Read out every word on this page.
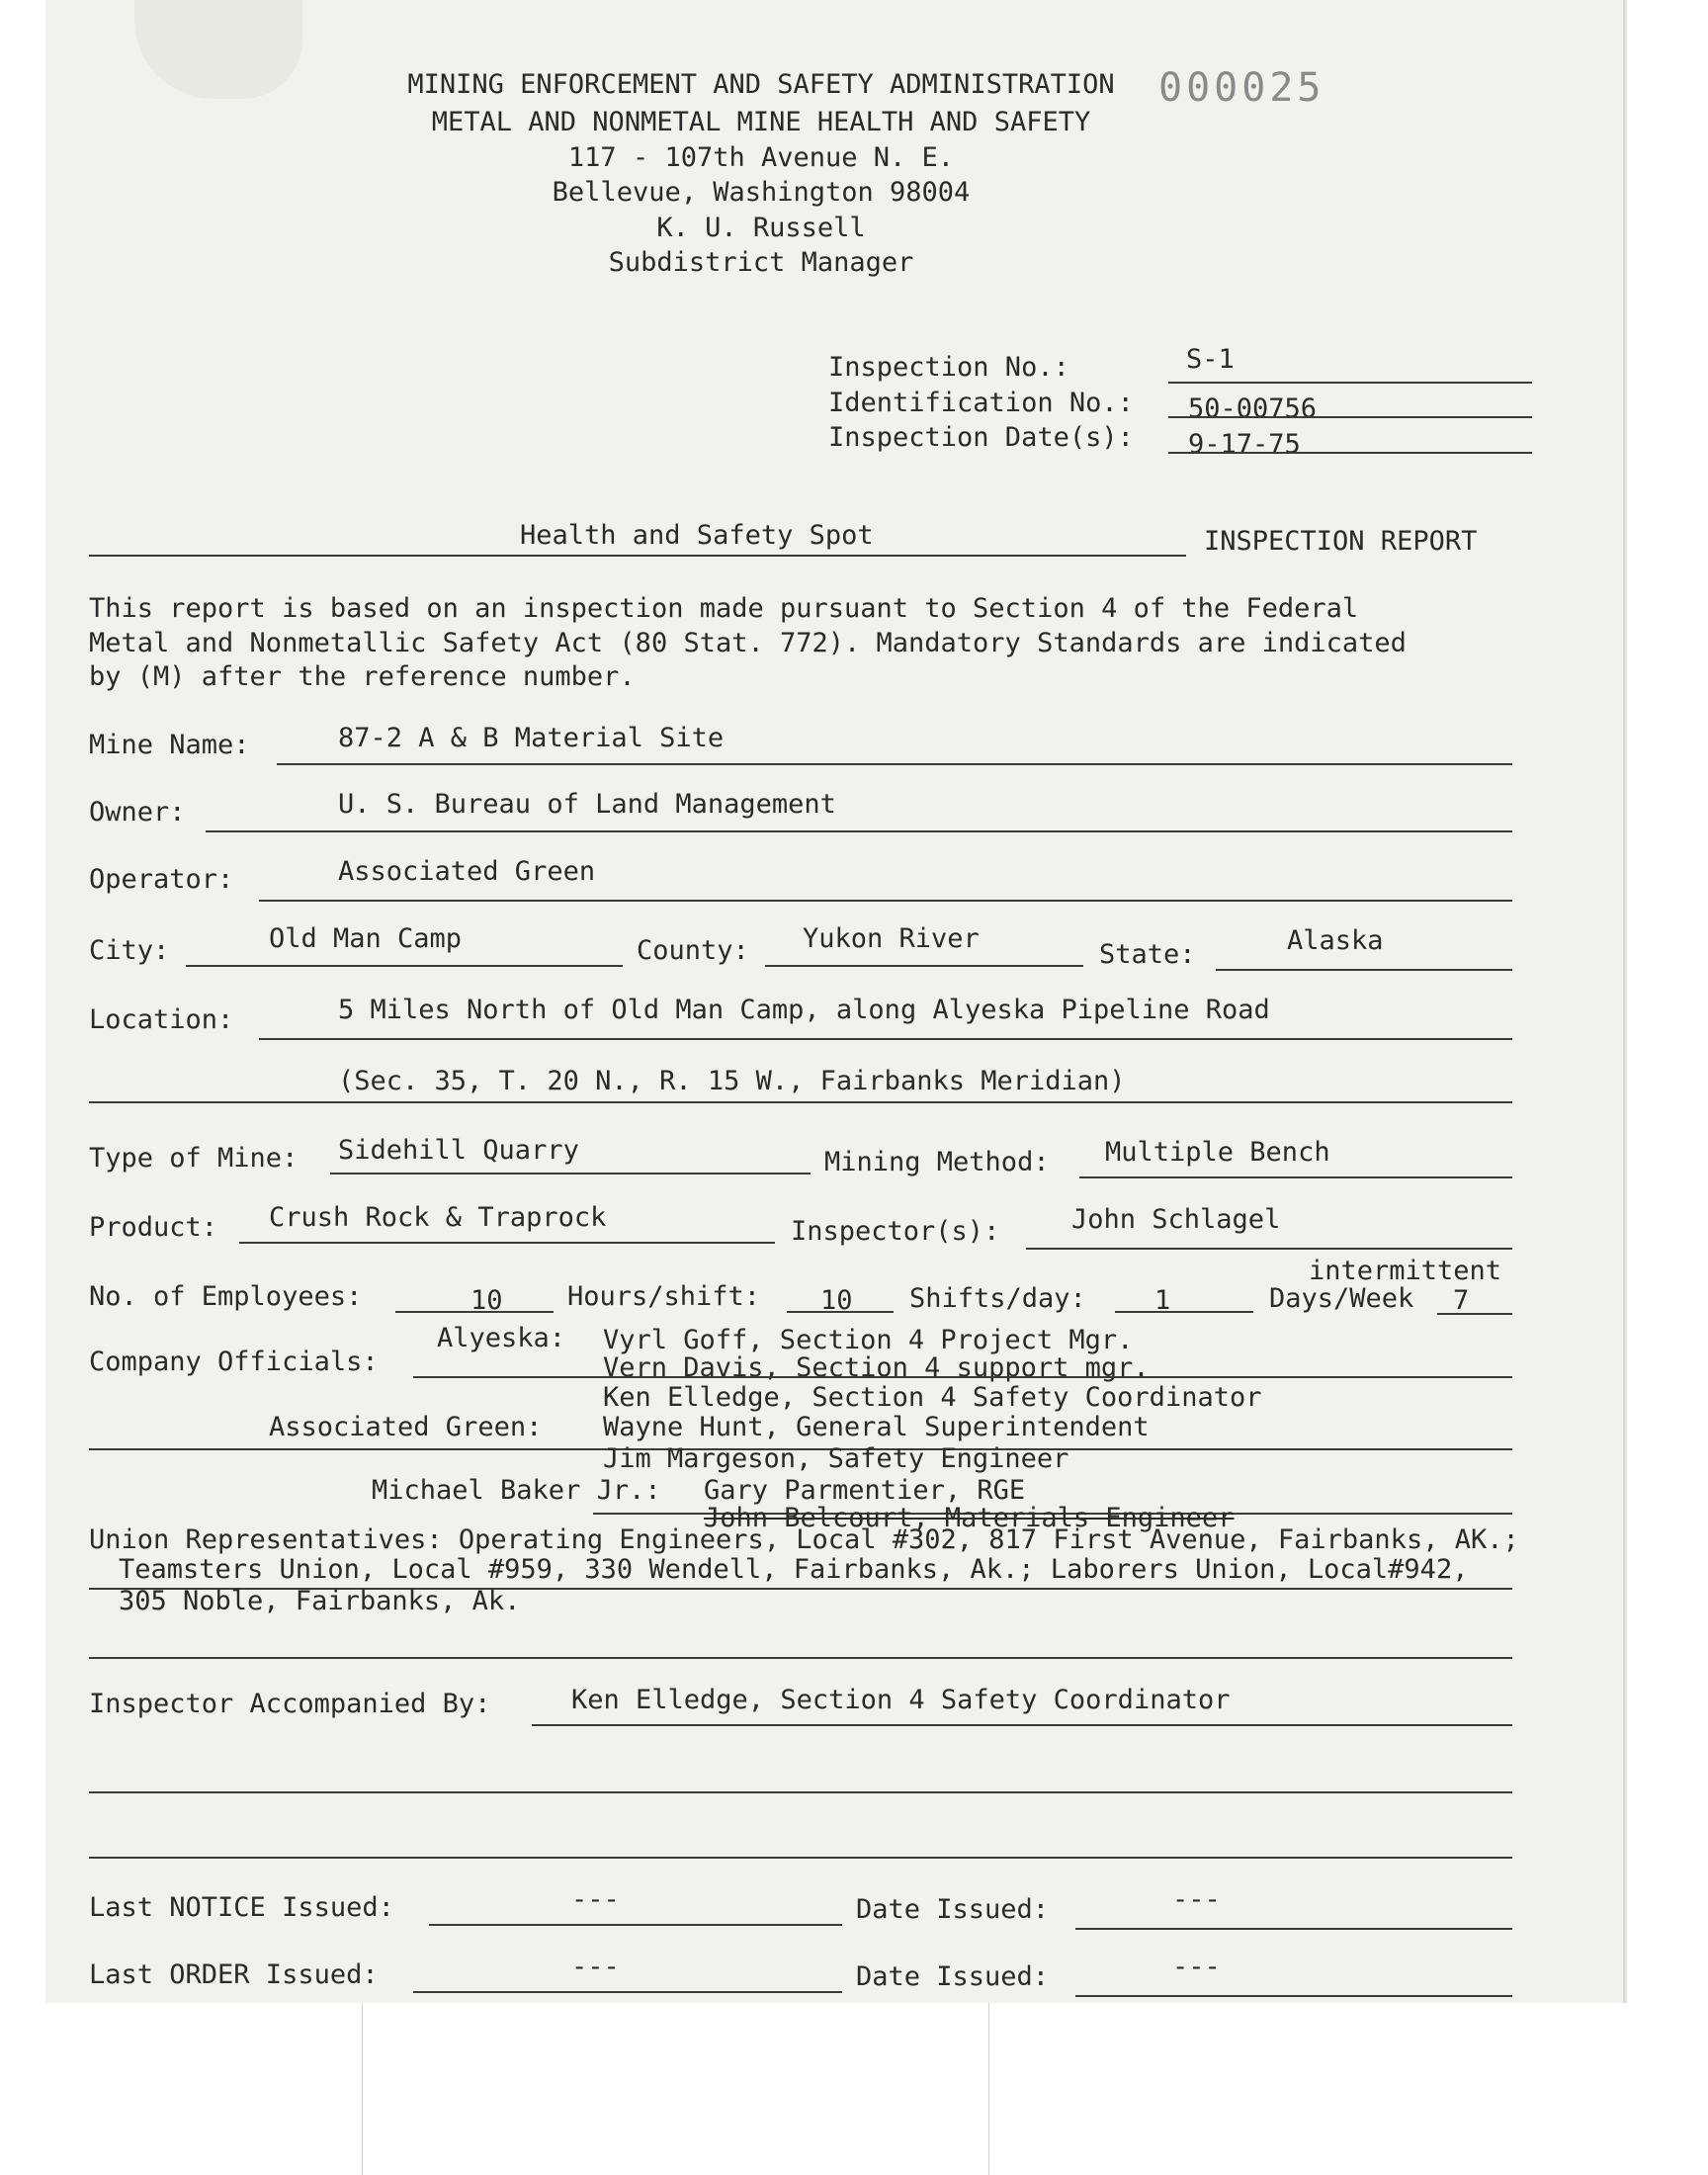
MINING ENFORCEMENT AND SAFETY ADMINISTRATION	000025
METAL AND NONMETAL MINE HEALTH AND SAFETY
117 - 107th Avenue N. E.
Bellevue, Washington 98004
K. U. Russell
Subdistrict Manager
Inspection No.:	S-1
Identification No.: 50-00756
Inspection Date(s): 9-17-75
Health and Safety Spot	INSPECTION REPORT
This report is based on an inspection made pursuant to Section 4 of the Federal
Metal and Nonmetallic Safety Act (80 Stat. 772). Mandatory Standards are indicated
by (M) after the reference number.
Mine Name:	87-2 A & B Material Site
Owner:	U. S. Bureau of Land Management
Operator:	Associated Green
City:	Old Man Camp	County: Yukon River
State:	Alaska
Location:	5 Miles North of Old Man Camp, along Alyeska Pipeline Road
(Sec. 35, T. 20 N., R. 15 W., Fairbanks Meridian)
Type of Mine: Sidehill Quarry	Mining Method: Multiple Bench
Product: Crush Rock & Traprock	Inspector(s):	John Schlagel
No. of Employees:	10 Hours/shift: 10 Shifts/day:	1
intermittent
Days/Week 7
Alyeska: Vyrl Goff, Section 4 Project Mgr.
Company Officials:	Vern Davis, Section 4 support mgr.
Ken Elledge, Section 4 Safety Coordinator
Associated Green: Wayne Hunt, General Superintendent
Jim Margeson, Safety Engineer
Michael Baker Jr.: Gary Parmentier, RGE
John Belcourt, Materials Engineer
Union Representatives: Operating Engineers, Local #302, 817 First Avenue, Fairbanks, AK.;
Teamsters Union, Local #959, 330 Wendell, Fairbanks, Ak.; Laborers Union, Local#942,
305 Noble, Fairbanks, Ak.
Inspector Accompanied By:	Ken Elledge, Section 4 Safety Coordinator
Last NOTICE Issued:	---	Date Issued:	---
Last ORDER Issued:	---	Date Issued:	---
